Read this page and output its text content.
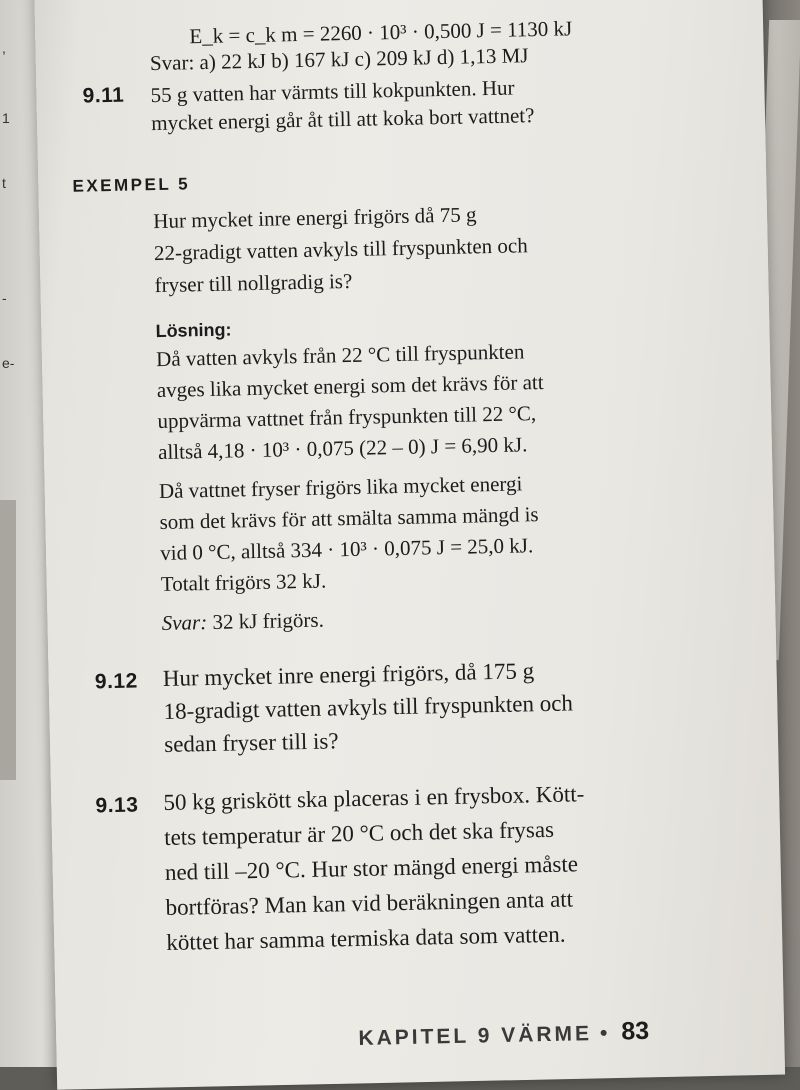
,
1
t
-
e-
E_k = c_k m = 2260 · 10³ · 0,500 J = 1130 kJ
Svar: a) 22 kJ b) 167 kJ c) 209 kJ d) 1,13 MJ
9.11 55 g vatten har värmts till kokpunkten. Hur
mycket energi går åt till att koka bort vattnet?
EXEMPEL 5
Hur mycket inre energi frigörs då 75 g
22-gradigt vatten avkyls till fryspunkten och
fryser till nollgradig is?
Lösning:
Då vatten avkyls från 22 °C till fryspunkten
avges lika mycket energi som det krävs för att
uppvärma vattnet från fryspunkten till 22 °C,
alltså 4,18 · 10³ · 0,075 (22 – 0) J = 6,90 kJ.
Då vattnet fryser frigörs lika mycket energi
som det krävs för att smälta samma mängd is
vid 0 °C, alltså 334 · 10³ · 0,075 J = 25,0 kJ.
Totalt frigörs 32 kJ.
Svar: 32 kJ frigörs.
9.12 Hur mycket inre energi frigörs, då 175 g
18-gradigt vatten avkyls till fryspunkten och
sedan fryser till is?
9.13 50 kg griskött ska placeras i en frysbox. Kött-
tets temperatur är 20 °C och det ska frysas
ned till –20 °C. Hur stor mängd energi måste
bortföras? Man kan vid beräkningen anta att
köttet har samma termiska data som vatten.
KAPITEL 9 VÄRME • 83
